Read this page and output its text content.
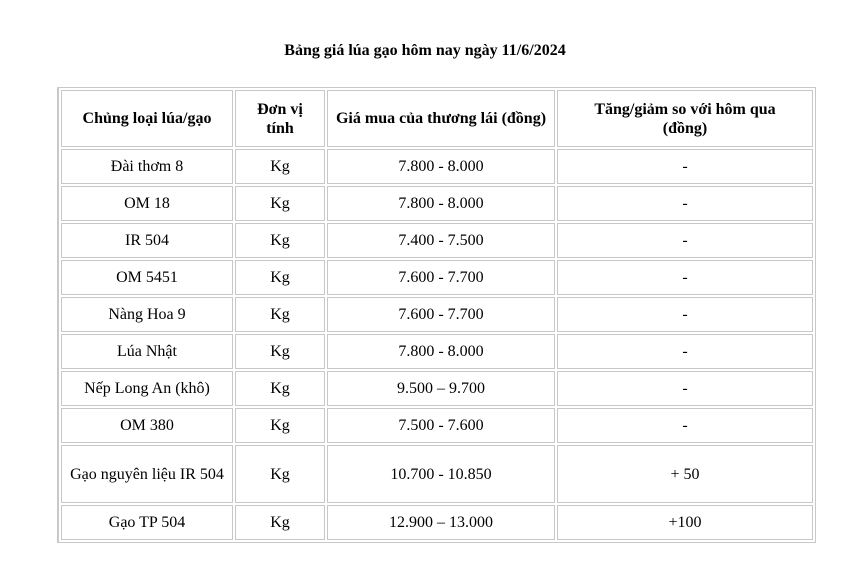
Bảng giá lúa gạo hôm nay ngày 11/6/2024
Chủng loại lúa/gạo	Đơn vị tính	Giá mua của thương lái (đồng)	Tăng/giảm so với hôm qua (đồng)
Đài thơm 8	Kg	7.800 - 8.000	-
OM 18	Kg	7.800 - 8.000	-
IR 504	Kg	7.400 - 7.500	-
OM 5451	Kg	7.600 - 7.700	-
Nàng Hoa 9	Kg	7.600 - 7.700	-
Lúa Nhật	Kg	7.800 - 8.000	-
Nếp Long An (khô)	Kg	9.500 – 9.700	-
OM 380	Kg	7.500 - 7.600	-
Gạo nguyên liệu IR 504	Kg	10.700 - 10.850	+ 50
Gạo TP 504	Kg	12.900 – 13.000	+100
